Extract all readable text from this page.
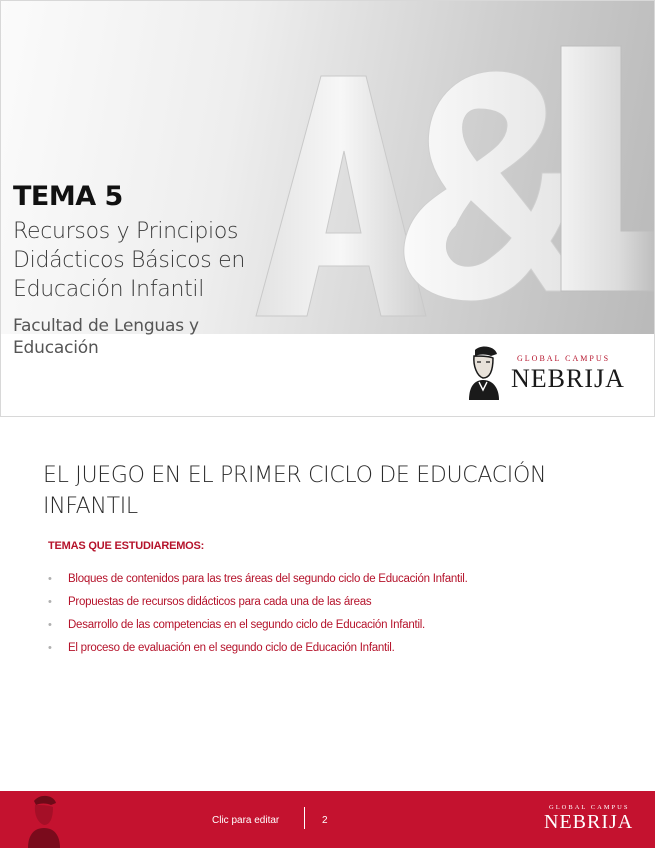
TEMA 5
Recursos y Principios Didácticos Básicos en Educación Infantil
Facultad de Lenguas y Educación
GLOBAL CAMPUS
NEBRIJA
EL JUEGO EN EL PRIMER CICLO DE EDUCACIÓN INFANTIL
TEMAS QUE ESTUDIAREMOS:
• Bloques de contenidos para las tres áreas del segundo ciclo de Educación Infantil.
• Propuestas de recursos didácticos para cada una de las áreas
• Desarrollo de las competencias en el segundo ciclo de Educación Infantil.
• El proceso de evaluación en el segundo ciclo de Educación Infantil.
Clic para editar	2
GLOBAL CAMPUS
NEBRIJA
